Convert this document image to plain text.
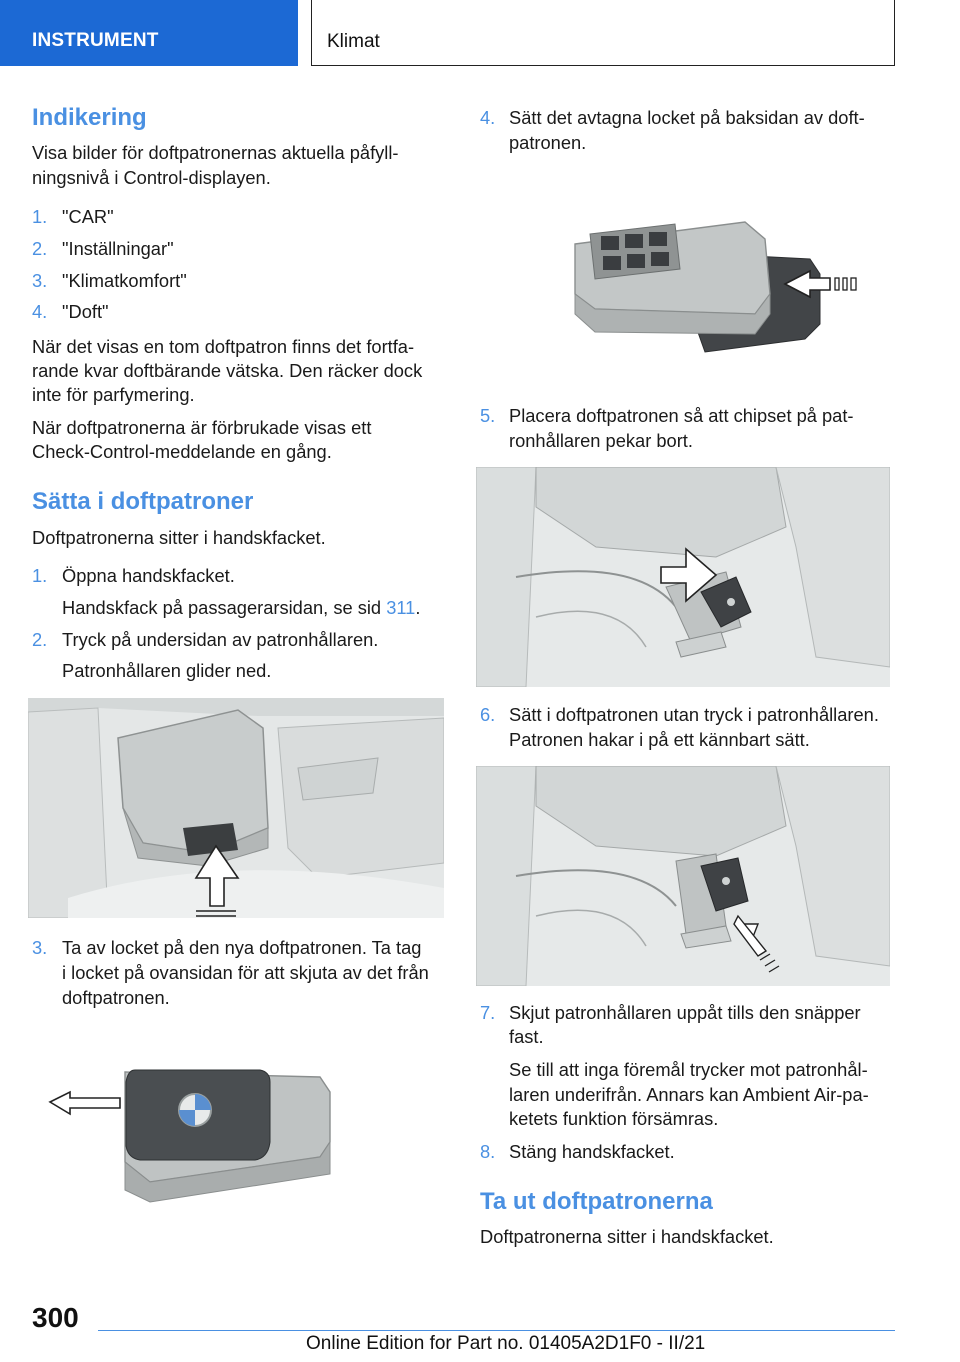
INSTRUMENT	Klimat
Indikering
Visa bilder för doftpatronernas aktuella påfyll-
ningsnivå i Control-displayen.
1. "CAR"
2. "Inställningar"
3. "Klimatkomfort"
4. "Doft"
När det visas en tom doftpatron finns det fortfa-
rande kvar doftbärande vätska. Den räcker dock
inte för parfymering.
När doftpatronerna är förbrukade visas ett
Check-Control-meddelande en gång.
Sätta i doftpatroner
Doftpatronerna sitter i handskfacket.
1. Öppna handskfacket.
Handskfack på passagerarsidan, se sid 311.
2. Tryck på undersidan av patronhållaren.
Patronhållaren glider ned.
3. Ta av locket på den nya doftpatronen. Ta tag
i locket på ovansidan för att skjuta av det från
doftpatronen.
4. Sätt det avtagna locket på baksidan av doft-
patronen.
5. Placera doftpatronen så att chipset på pat-
ronhållaren pekar bort.
6. Sätt i doftpatronen utan tryck i patronhållaren.
Patronen hakar i på ett kännbart sätt.
7. Skjut patronhållaren uppåt tills den snäpper
fast.
Se till att inga föremål trycker mot patronhål-
laren underifrån. Annars kan Ambient Air-pa-
ketets funktion försämras.
8. Stäng handskfacket.
Ta ut doftpatronerna
Doftpatronerna sitter i handskfacket.
300
Online Edition for Part no. 01405A2D1F0 - II/21
